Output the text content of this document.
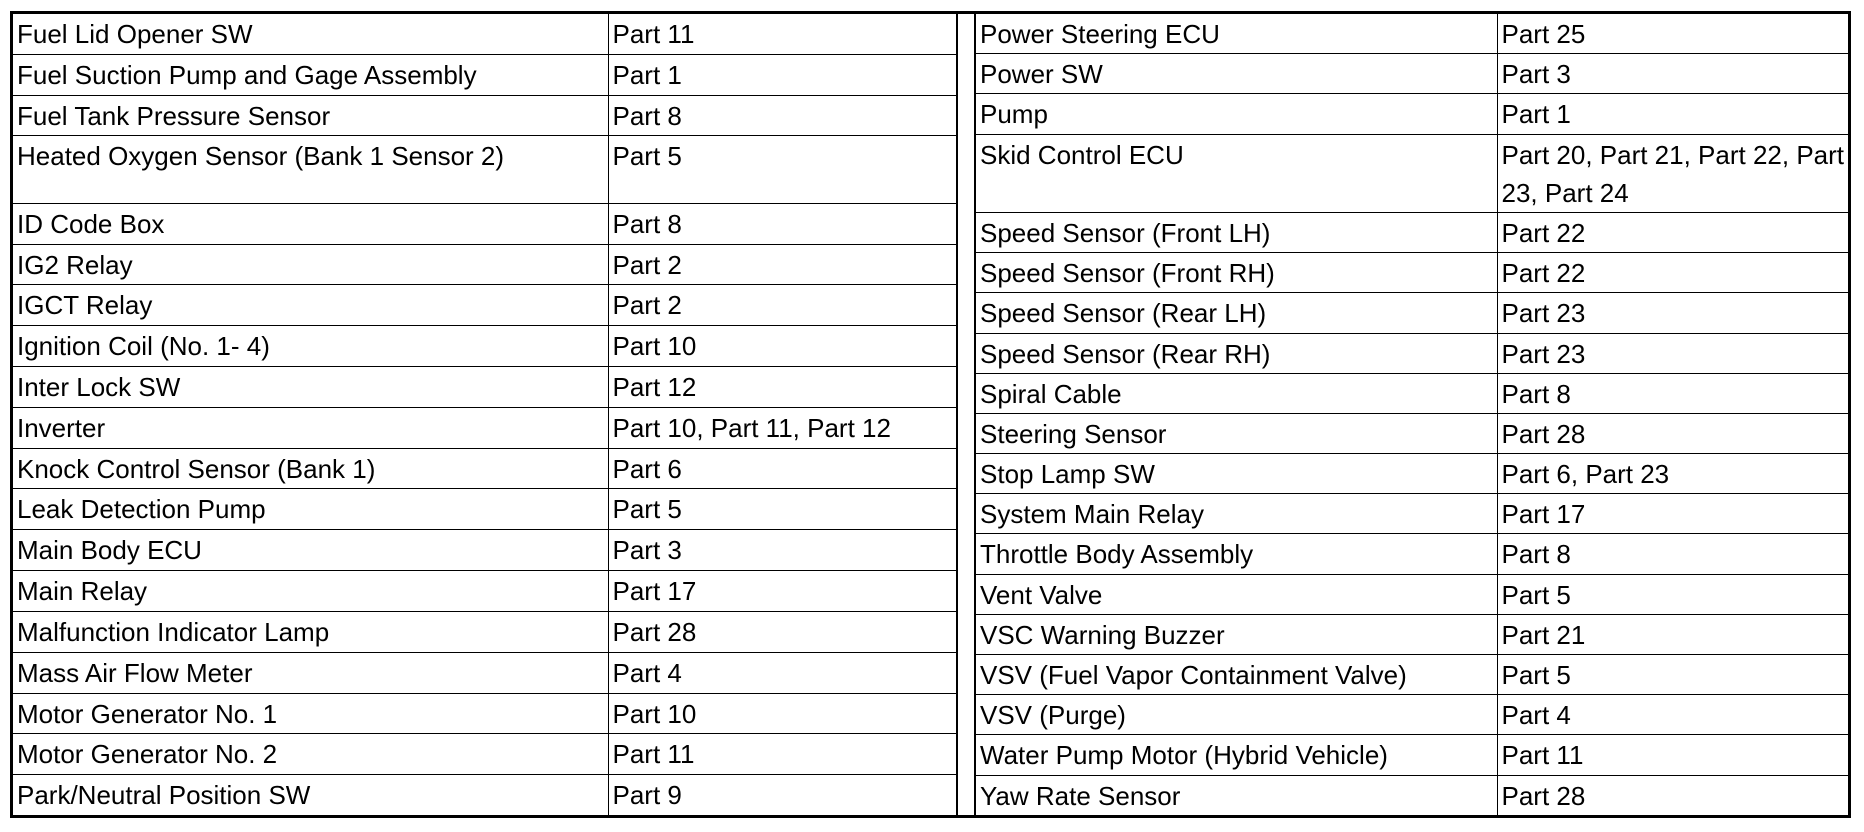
Fuel Lid Opener SW	Part 11
Fuel Suction Pump and Gage Assembly	Part 1
Fuel Tank Pressure Sensor	Part 8
Heated Oxygen Sensor (Bank 1 Sensor 2)	Part 5
ID Code Box	Part 8
IG2 Relay	Part 2
IGCT Relay	Part 2
Ignition Coil (No. 1- 4)	Part 10
Inter Lock SW	Part 12
Inverter	Part 10, Part 11, Part 12
Knock Control Sensor (Bank 1)	Part 6
Leak Detection Pump	Part 5
Main Body ECU	Part 3
Main Relay	Part 17
Malfunction Indicator Lamp	Part 28
Mass Air Flow Meter	Part 4
Motor Generator No. 1	Part 10
Motor Generator No. 2	Part 11
Park/Neutral Position SW	Part 9
Power Steering ECU	Part 25
Power SW	Part 3
Pump	Part 1
Skid Control ECU	Part 20, Part 21, Part 22, Part 23, Part 24
Speed Sensor (Front LH)	Part 22
Speed Sensor (Front RH)	Part 22
Speed Sensor (Rear LH)	Part 23
Speed Sensor (Rear RH)	Part 23
Spiral Cable	Part 8
Steering Sensor	Part 28
Stop Lamp SW	Part 6, Part 23
System Main Relay	Part 17
Throttle Body Assembly	Part 8
Vent Valve	Part 5
VSC Warning Buzzer	Part 21
VSV (Fuel Vapor Containment Valve)	Part 5
VSV (Purge)	Part 4
Water Pump Motor (Hybrid Vehicle)	Part 11
Yaw Rate Sensor	Part 28
